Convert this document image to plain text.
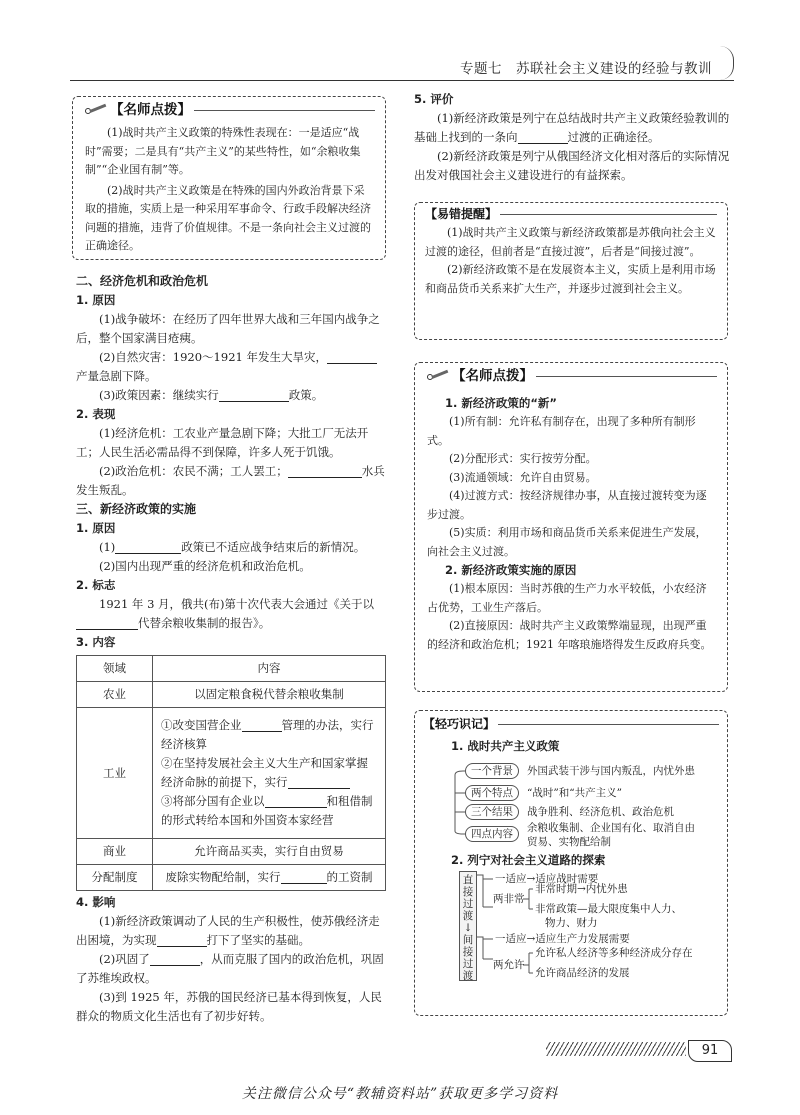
专题七　苏联社会主义建设的经验与教训
【名师点拨】
(1)战时共产主义政策的特殊性表现在：一是适应“战时”需要；二是具有“共产主义”的某些特性，如“余粮收集制”“企业国有制”等。
(2)战时共产主义政策是在特殊的国内外政治背景下采取的措施，实质上是一种采用军事命令、行政手段解决经济问题的措施，违背了价值规律。不是一条向社会主义过渡的正确途径。
二、经济危机和政治危机
1. 原因
(1)战争破坏：在经历了四年世界大战和三年国内战争之后，整个国家满目疮痍。
(2)自然灾害：1920～1921 年发生大旱灾，产量急剧下降。
(3)政策因素：继续实行	政策。
2. 表现
(1)经济危机：工农业产量急剧下降；大批工厂无法开工；人民生活必需品得不到保障，许多人死于饥饿。
(2)政治危机：农民不满；工人罢工；	水兵发生叛乱。
三、新经济政策的实施
1. 原因
(1)	政策已不适应战争结束后的新情况。
(2)国内出现严重的经济危机和政治危机。
2. 标志
1921 年 3 月，俄共(布)第十次代表大会通过《关于以代替余粮收集制的报告》。
3. 内容
领域	内容
农业	以固定粮食税代替余粮收集制
工业	①改变国营企业 管理的办法，实行经济核算
②在坚持发展社会主义大生产和国家掌握经济命脉的前提下，实行
③将部分国有企业以 和租借制的形式转给本国和外国资本家经营

商业	允许商品买卖，实行自由贸易
分配制度	废除实物配给制，实行 的工资制
4. 影响
(1)新经济政策调动了人民的生产积极性，使苏俄经济走出困境，为实现	打下了坚实的基础。
(2)巩固了	，从而克服了国内的政治危机，巩固了苏维埃政权。
(3)到 1925 年，苏俄的国民经济已基本得到恢复，人民群众的物质文化生活也有了初步好转。
5. 评价
(1)新经济政策是列宁在总结战时共产主义政策经验教训的基础上找到的一条向	过渡的正确途径。
(2)新经济政策是列宁从俄国经济文化相对落后的实际情况出发对俄国社会主义建设进行的有益探索。
【易错提醒】
(1)战时共产主义政策与新经济政策都是苏俄向社会主义过渡的途径，但前者是“直接过渡”，后者是“间接过渡”。
(2)新经济政策不是在发展资本主义，实质上是利用市场和商品货币关系来扩大生产，并逐步过渡到社会主义。
【名师点拨】
1. 新经济政策的“新”
(1)所有制：允许私有制存在，出现了多种所有制形式。
(2)分配形式：实行按劳分配。
(3)流通领域：允许自由贸易。
(4)过渡方式：按经济规律办事，从直接过渡转变为逐步过渡。
(5)实质：利用市场和商品货币关系来促进生产发展，向社会主义过渡。
2. 新经济政策实施的原因
(1)根本原因：当时苏俄的生产力水平较低，小农经济占优势，工业生产落后。
(2)直接原因：战时共产主义政策弊端显现，出现严重的经济和政治危机；1921 年喀琅施塔得发生反政府兵变。
【轻巧识记】
1. 战时共产主义政策
一个背景	外国武装干涉与国内叛乱，内忧外患
两个特点	“战时”和“共产主义”
三个结果	战争胜利、经济危机、政治危机
四点内容	余粮收集制、企业国有化、取消自由
贸易、实物配给制
2. 列宁对社会主义道路的探索
直接过渡
↓
间接过渡
一适应→适应战时需要
两非常
非常时期→内忧外患
非常政策—最大限度集中人力、
物力、财力
一适应→适应生产力发展需要
两允许
允许私人经济等多种经济成分存在
允许商品经济的发展
91
关注微信公众号“教辅资料站”获取更多学习资料
